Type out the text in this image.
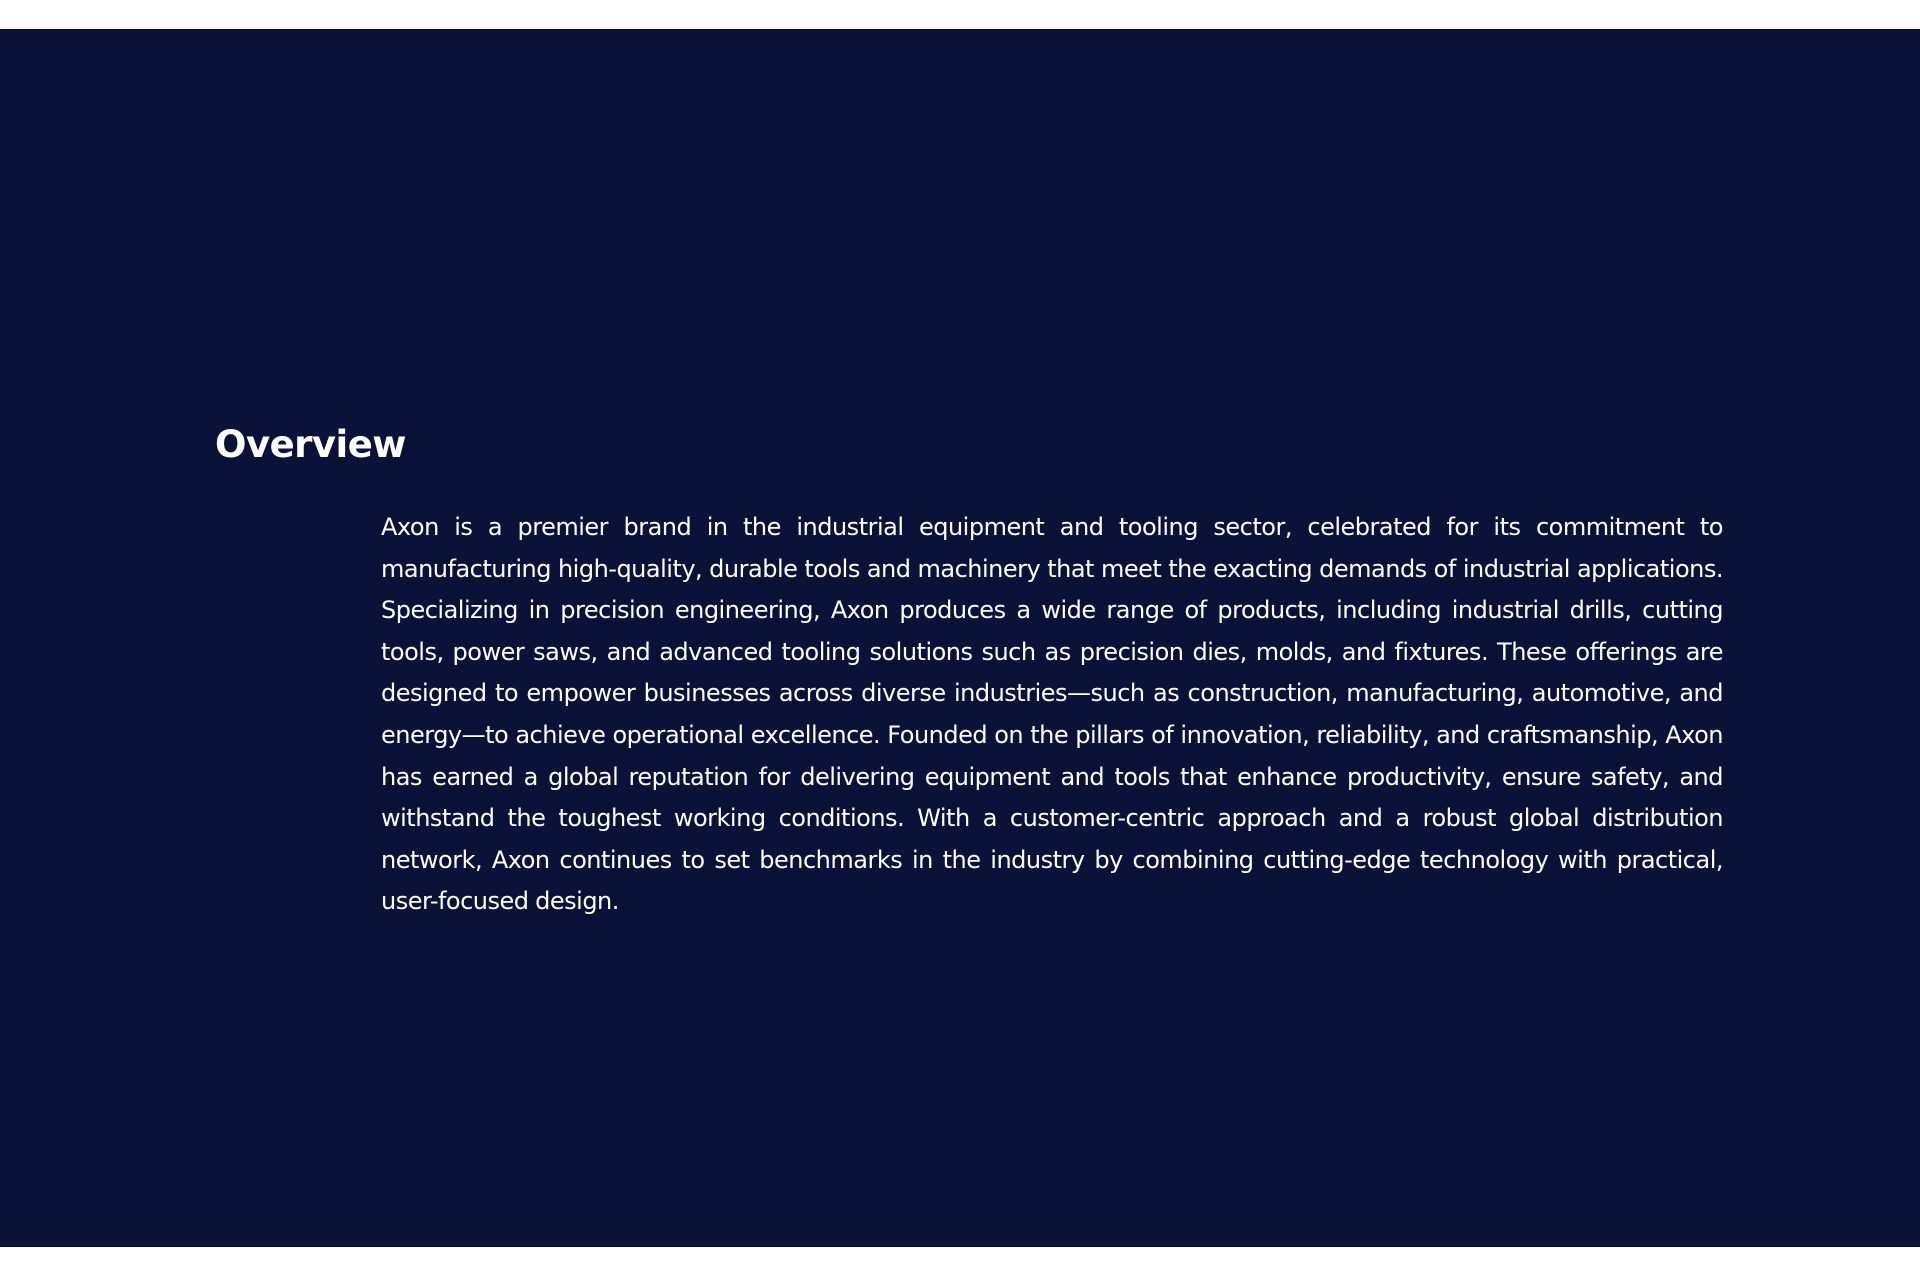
Overview

Axon is a premier brand in the industrial equipment and tooling sector, celebrated for its commitment to manufacturing high-quality, durable tools and machinery that meet the exacting demands of industrial applications. Specializing in precision engineering, Axon produces a wide range of products, including industrial drills, cutting tools, power saws, and advanced tooling solutions such as precision dies, molds, and fixtures. These offerings are designed to empower businesses across diverse industries—such as construction, manufacturing, automotive, and energy—to achieve operational excellence. Founded on the pillars of innovation, reliability, and craftsmanship, Axon has earned a global reputation for delivering equipment and tools that enhance productivity, ensure safety, and withstand the toughest working conditions. With a customer-centric approach and a robust global distribution network, Axon continues to set benchmarks in the industry by combining cutting-edge technology with practical, user-focused design.
